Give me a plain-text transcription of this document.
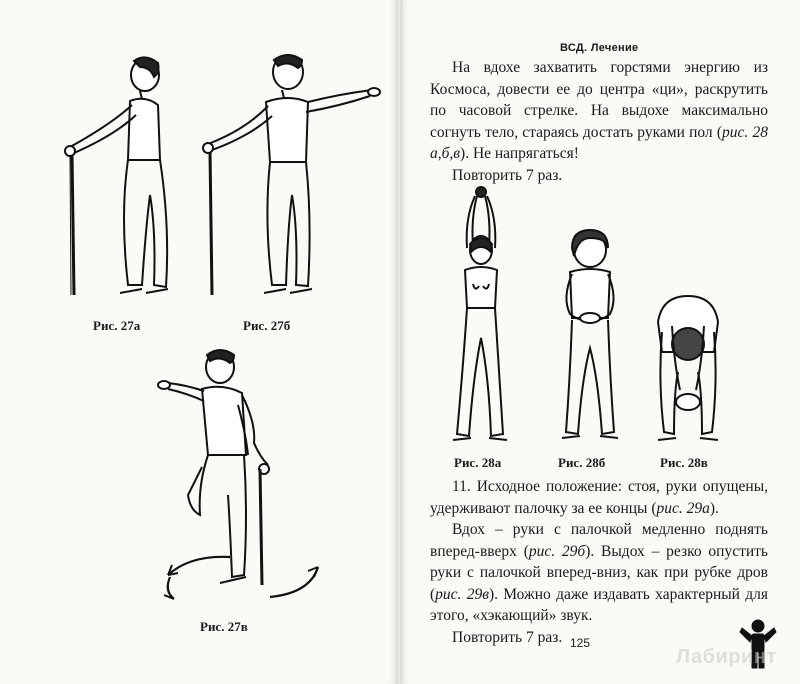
Рис. 27а	Рис. 27б
Рис. 27в
ВСД. Лечение

На вдохе захватить горстями энергию из Космоса, довести ее до центра «ци», раскрутить по часовой стрелке. На выдохе максимально согнуть тело, стараясь достать руками пол (рис. 28 а,б,в). Не напрягаться!

Повторить 7 раз.

Рис. 28а	Рис. 28б	Рис. 28в

11. Исходное положение: стоя, руки опущены, удерживают палочку за ее концы (рис. 29а).

Вдох – руки с палочкой медленно поднять вперед-вверх (рис. 29б). Выдох – резко опустить руки с палочкой вперед-вниз, как при рубке дров (рис. 29в). Можно даже издавать характерный для этого, «хэкающий» звук.

Повторить 7 раз. 125
Лабиринт
